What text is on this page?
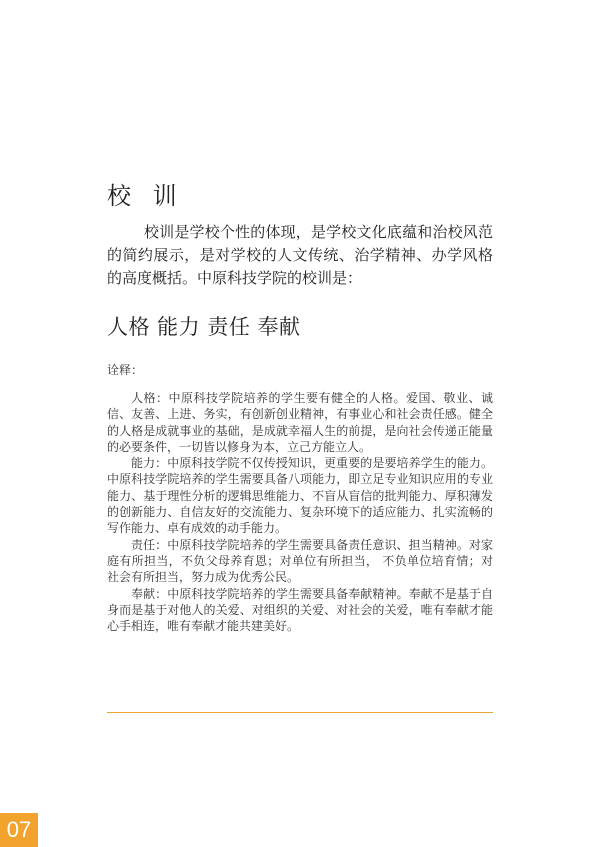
校 训

校训是学校个性的体现，是学校文化底蕴和治校风范的简约展示，是对学校的人文传统、治学精神、办学风格的高度概括。中原科技学院的校训是：

人格 能力 责任 奉献
诠释：

人格：中原科技学院培养的学生要有健全的人格。爱国、敬业、诚信、友善、上进、务实，有创新创业精神，有事业心和社会责任感。健全的人格是成就事业的基础，是成就幸福人生的前提，是向社会传递正能量的必要条件，一切皆以修身为本，立己方能立人。

能力：中原科技学院不仅传授知识，更重要的是要培养学生的能力。中原科技学院培养的学生需要具备八项能力，即立足专业知识应用的专业能力、基于理性分析的逻辑思维能力、不盲从盲信的批判能力、厚积薄发的创新能力、自信友好的交流能力、复杂环境下的适应能力、扎实流畅的写作能力、卓有成效的动手能力。

责任：中原科技学院培养的学生需要具备责任意识、担当精神。对家庭有所担当，不负父母养育恩；对单位有所担当， 不负单位培育情；对社会有所担当，努力成为优秀公民。

奉献：中原科技学院培养的学生需要具备奉献精神。奉献不是基于自身而是基于对他人的关爱、对组织的关爱、对社会的关爱，唯有奉献才能心手相连，唯有奉献才能共建美好。

07
